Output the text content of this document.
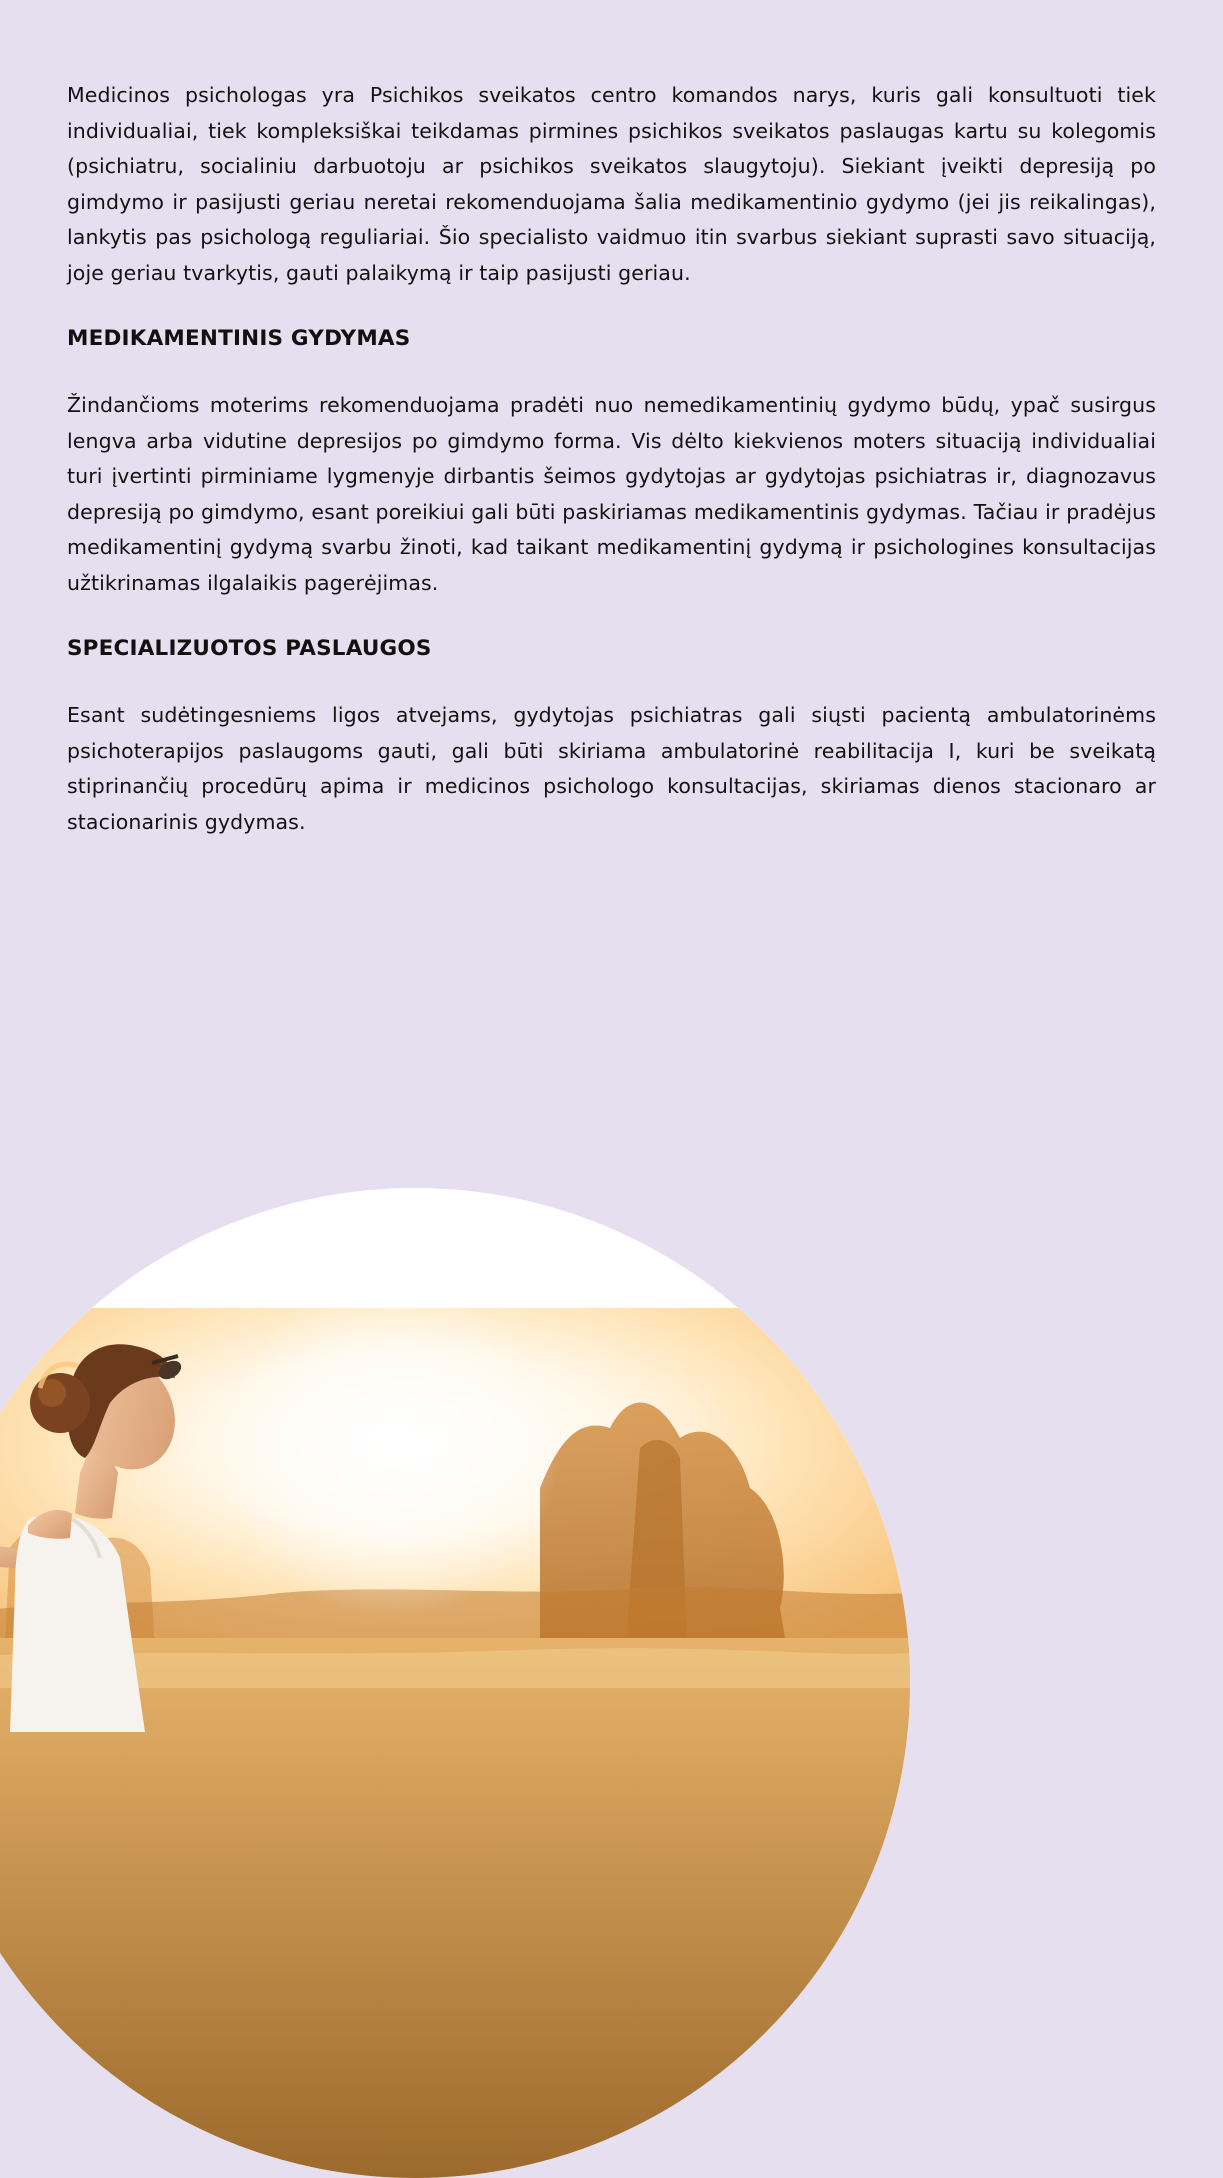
Medicinos psichologas yra Psichikos sveikatos centro komandos narys, kuris gali konsultuoti tiek individualiai, tiek kompleksiškai teikdamas pirmines psichikos sveikatos paslaugas kartu su kolegomis (psichiatru, socialiniu darbuotoju ar psichikos sveikatos slaugytoju). Siekiant įveikti depresiją po gimdymo ir pasijusti geriau neretai rekomenduojama šalia medikamentinio gydymo (jei jis reikalingas), lankytis pas psichologą reguliariai. Šio specialisto vaidmuo itin svarbus siekiant suprasti savo situaciją, joje geriau tvarkytis, gauti palaikymą ir taip pasijusti geriau.

MEDIKAMENTINIS GYDYMAS

Žindančioms moterims rekomenduojama pradėti nuo nemedikamentinių gydymo būdų, ypač susirgus lengva arba vidutine depresijos po gimdymo forma. Vis dėlto kiekvienos moters situaciją individualiai turi įvertinti pirminiame lygmenyje dirbantis šeimos gydytojas ar gydytojas psichiatras ir, diagnozavus depresiją po gimdymo, esant poreikiui gali būti paskiriamas medikamentinis gydymas. Tačiau ir pradėjus medikamentinį gydymą svarbu žinoti, kad taikant medikamentinį gydymą ir psichologines konsultacijas užtikrinamas ilgalaikis pagerėjimas.

SPECIALIZUOTOS PASLAUGOS

Esant sudėtingesniems ligos atvejams, gydytojas psichiatras gali siųsti pacientą ambulatorinėms psichoterapijos paslaugoms gauti, gali būti skiriama ambulatorinė reabilitacija I, kuri be sveikatą stiprinančių procedūrų apima ir medicinos psichologo konsultacijas, skiriamas dienos stacionaro ar stacionarinis gydymas.
